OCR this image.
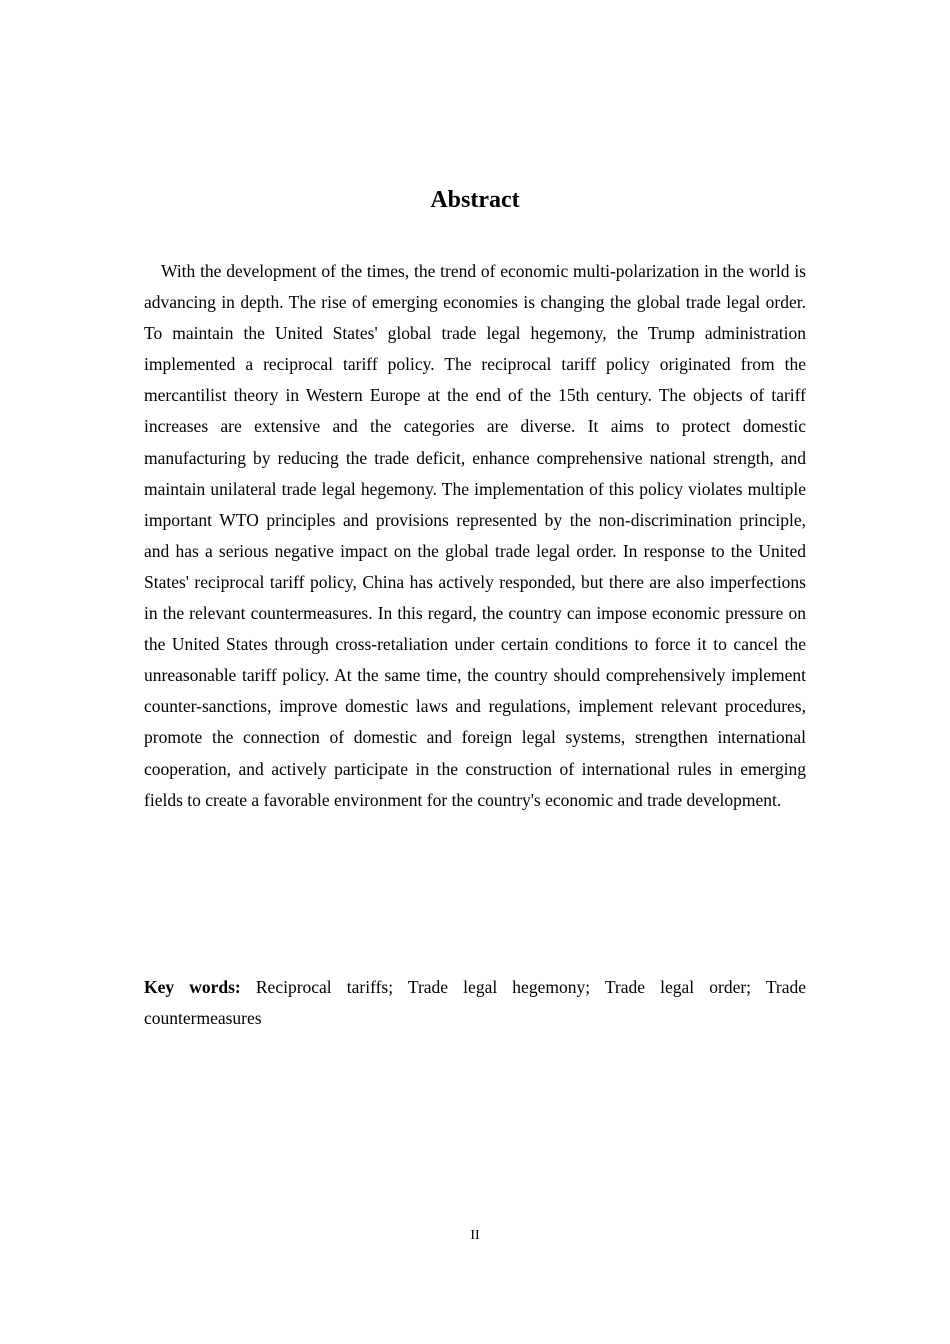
Abstract

With the development of the times, the trend of economic multi-polarization in the world is advancing in depth. The rise of emerging economies is changing the global trade legal order. To maintain the United States' global trade legal hegemony, the Trump administration implemented a reciprocal tariff policy. The reciprocal tariff policy originated from the mercantilist theory in Western Europe at the end of the 15th century. The objects of tariff increases are extensive and the categories are diverse. It aims to protect domestic manufacturing by reducing the trade deficit, enhance comprehensive national strength, and maintain unilateral trade legal hegemony. The implementation of this policy violates multiple important WTO principles and provisions represented by the non-discrimination principle, and has a serious negative impact on the global trade legal order. In response to the United States' reciprocal tariff policy, China has actively responded, but there are also imperfections in the relevant countermeasures. In this regard, the country can impose economic pressure on the United States through cross-retaliation under certain conditions to force it to cancel the unreasonable tariff policy. At the same time, the country should comprehensively implement counter-sanctions, improve domestic laws and regulations, implement relevant procedures, promote the connection of domestic and foreign legal systems, strengthen international cooperation, and actively participate in the construction of international rules in emerging fields to create a favorable environment for the country's economic and trade development.

Key words: Reciprocal tariffs; Trade legal hegemony; Trade legal order; Trade countermeasures

II
